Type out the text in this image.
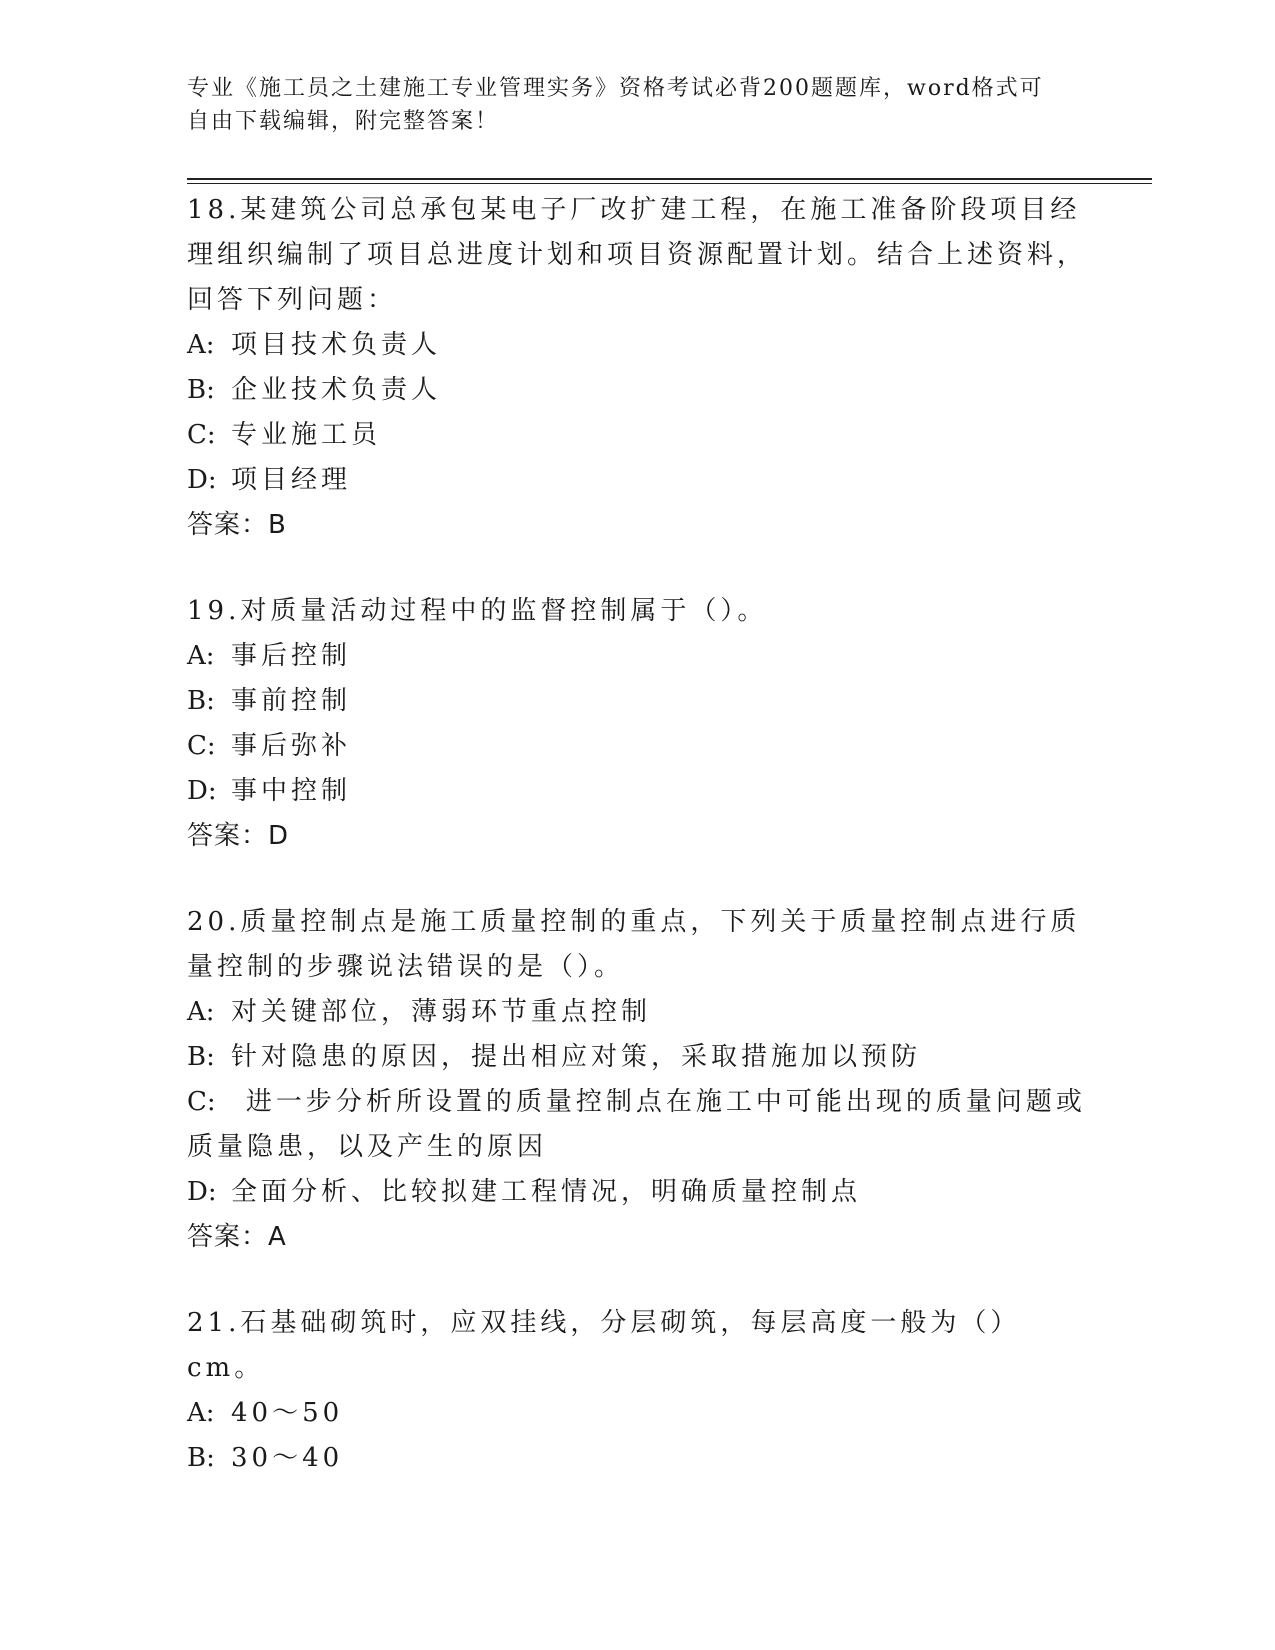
专业《施工员之土建施工专业管理实务》资格考试必背200题题库，word格式可
自由下载编辑，附完整答案！
18.某建筑公司总承包某电子厂改扩建工程，在施工准备阶段项目经理组织编制了项目总进度计划和项目资源配置计划。结合上述资料，回答下列问题：
A: 项目技术负责人
B: 企业技术负责人
C: 专业施工员
D: 项目经理
答案：B
19.对质量活动过程中的监督控制属于（）。
A: 事后控制
B: 事前控制
C: 事后弥补
D: 事中控制
答案：D
20.质量控制点是施工质量控制的重点，下列关于质量控制点进行质量控制的步骤说法错误的是（）。
A: 对关键部位，薄弱环节重点控制
B: 针对隐患的原因，提出相应对策，采取措施加以预防
C: 进一步分析所设置的质量控制点在施工中可能出现的质量问题或质量隐患，以及产生的原因
D: 全面分析、比较拟建工程情况，明确质量控制点
答案：A
21.石基础砌筑时，应双挂线，分层砌筑，每层高度一般为（）cm。
A: 40～50
B: 30～40
